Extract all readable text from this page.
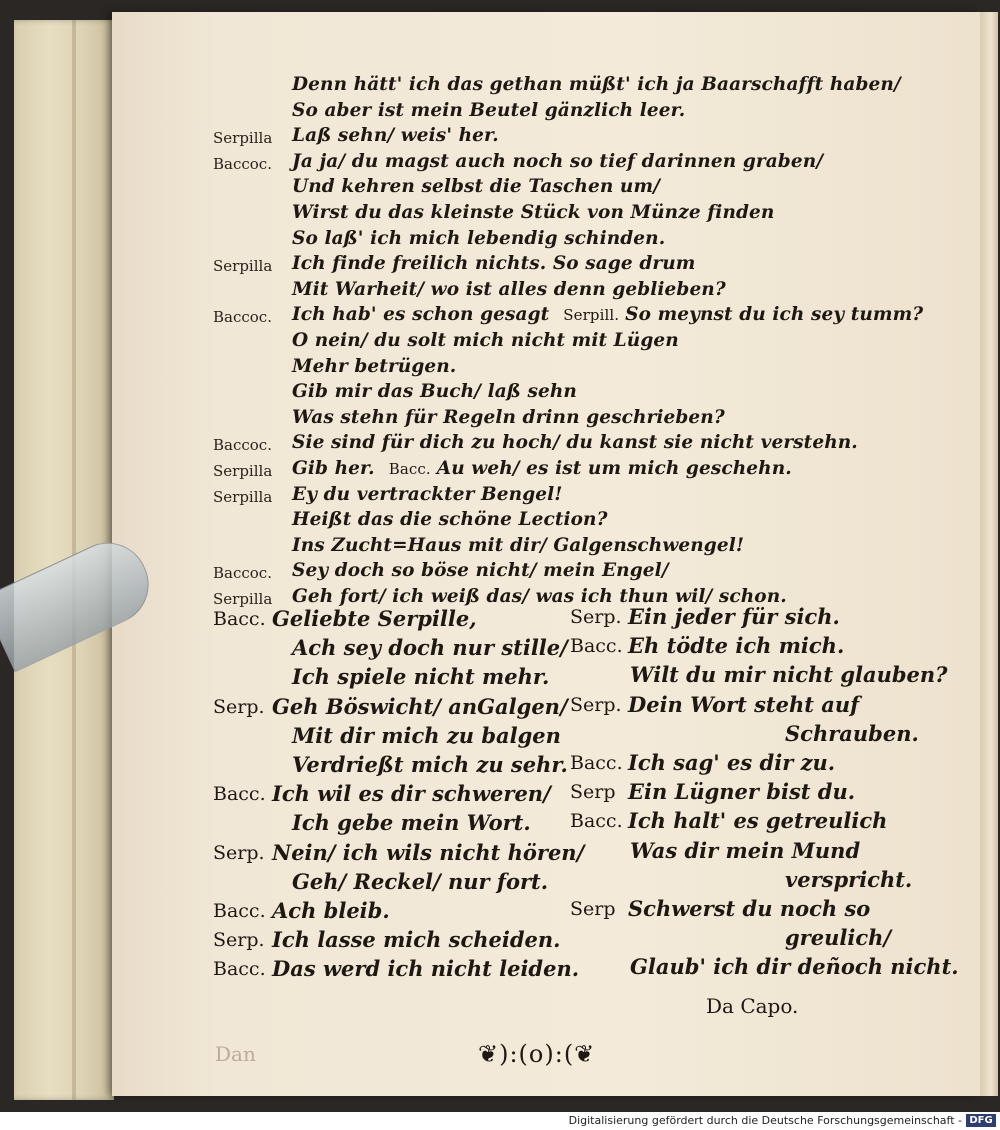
Denn hätt' ich das gethan müßt' ich ja Baarschafft haben/
So aber ist mein Beutel gänzlich leer.
Serpilla Laß sehn/ weis' her.
Baccoc. Ja ja/ du magst auch noch so tief darinnen graben/
Und kehren selbst die Taschen um/
Wirst du das kleinste Stück von Münze finden
So laß' ich mich lebendig schinden.
Serpilla Ich finde freilich nichts. So sage drum
Mit Warheit/ wo ist alles denn geblieben?
Baccoc. Ich hab' es schon gesagt Serpill. So meynst du ich sey tumm?
O nein/ du solt mich nicht mit Lügen
Mehr betrügen.
Gib mir das Buch/ laß sehn
Was stehn für Regeln drinn geschrieben?
Baccoc. Sie sind für dich zu hoch/ du kanst sie nicht verstehn.
Serpilla Gib her. Bacc. Au weh/ es ist um mich geschehn.
Serpilla Ey du vertrackter Bengel!
Heißt das die schöne Lection?
Ins Zucht=Haus mit dir/ Galgenschwengel!
Baccoc. Sey doch so böse nicht/ mein Engel/
Serpilla Geh fort/ ich weiß das/ was ich thun wil/ schon.
Bacc. Geliebte Serpille,
Ach sey doch nur stille/
Ich spiele nicht mehr.
Serp. Geh Böswicht/ anGalgen/
Mit dir mich zu balgen
Verdrießt mich zu sehr.
Bacc. Ich wil es dir schweren/
Ich gebe mein Wort.
Serp. Nein/ ich wils nicht hören/
Geh/ Reckel/ nur fort.
Bacc. Ach bleib.
Serp. Ich lasse mich scheiden.
Bacc. Das werd ich nicht leiden.
Serp. Ein jeder für sich.
Bacc. Eh tödte ich mich.
Wilt du mir nicht glauben?
Serp. Dein Wort steht auf
Schrauben.
Bacc. Ich sag' es dir zu.
Serp Ein Lügner bist du.
Bacc. Ich halt' es getreulich
Was dir mein Mund
verspricht.
Serp Schwerst du noch so
greulich/
Glaub' ich dir deñoch nicht.
Da Capo.
❦):(o):(❦
Dan
Digitalisierung gefördert durch die Deutsche Forschungsgemeinschaft - DFG
